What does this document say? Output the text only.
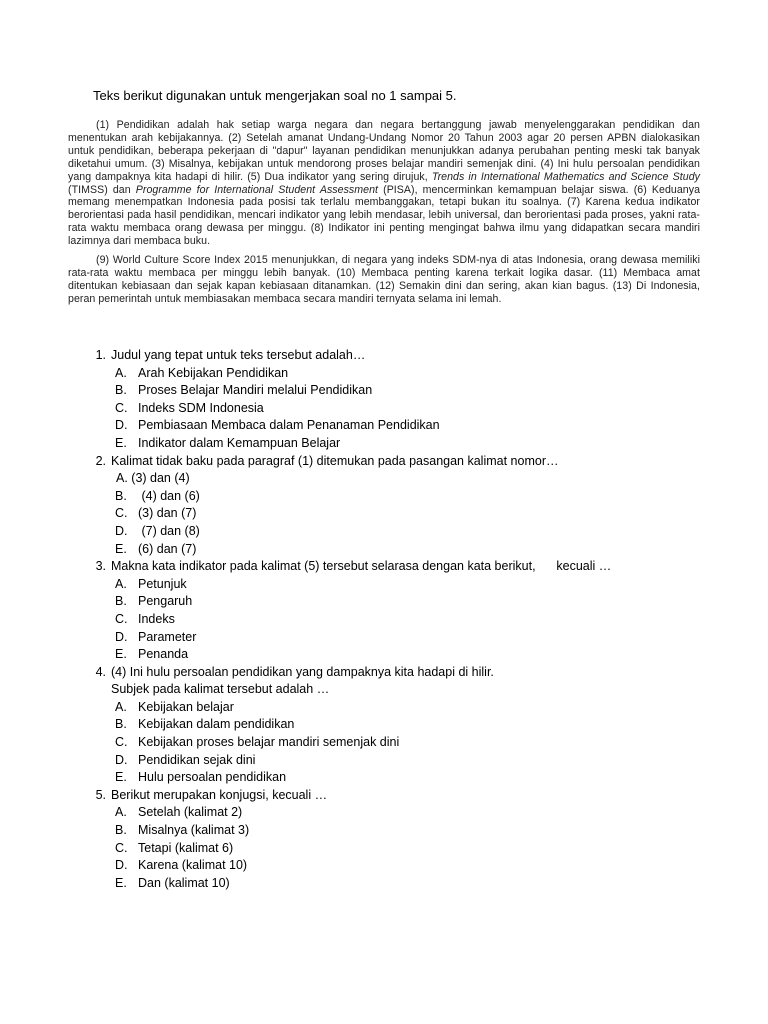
Teks berikut digunakan untuk mengerjakan soal no 1 sampai 5.

(1) Pendidikan adalah hak setiap warga negara dan negara bertanggung jawab menyelenggarakan pendidikan dan menentukan arah kebijakannya. (2) Setelah amanat Undang-Undang Nomor 20 Tahun 2003 agar 20 persen APBN dialokasikan untuk pendidikan, beberapa pekerjaan di "dapur" layanan pendidikan menunjukkan adanya perubahan penting meski tak banyak diketahui umum. (3) Misalnya, kebijakan untuk mendorong proses belajar mandiri semenjak dini. (4) Ini hulu persoalan pendidikan yang dampaknya kita hadapi di hilir. (5) Dua indikator yang sering dirujuk, Trends in International Mathematics and Science Study (TIMSS) dan Programme for International Student Assessment (PISA), mencerminkan kemampuan belajar siswa. (6) Keduanya memang menempatkan Indonesia pada posisi tak terlalu membanggakan, tetapi bukan itu soalnya. (7) Karena kedua indikator berorientasi pada hasil pendidikan, mencari indikator yang lebih mendasar, lebih universal, dan berorientasi pada proses, yakni rata-rata waktu membaca orang dewasa per minggu. (8) Indikator ini penting mengingat bahwa ilmu yang didapatkan secara mandiri lazimnya dari membaca buku.

(9) World Culture Score Index 2015 menunjukkan, di negara yang indeks SDM-nya di atas Indonesia, orang dewasa memiliki rata-rata waktu membaca per minggu lebih banyak. (10) Membaca penting karena terkait logika dasar. (11) Membaca amat ditentukan kebiasaan dan sejak kapan kebiasaan ditanamkan. (12) Semakin dini dan sering, akan kian bagus. (13) Di Indonesia, peran pemerintah untuk membiasakan membaca secara mandiri ternyata selama ini lemah.

1. Judul yang tepat untuk teks tersebut adalah…
A. Arah Kebijakan Pendidikan
B. Proses Belajar Mandiri melalui Pendidikan
C. Indeks SDM Indonesia
D. Pembiasaan Membaca dalam Penanaman Pendidikan
E. Indikator dalam Kemampuan Belajar
2. Kalimat tidak baku pada paragraf (1) ditemukan pada pasangan kalimat nomor…
A. (3) dan (4)
B. (4) dan (6)
C. (3) dan (7)
D. (7) dan (8)
E. (6) dan (7)
3. Makna kata indikator pada kalimat (5) tersebut selarasa dengan kata berikut,      kecuali …
A. Petunjuk
B. Pengaruh
C. Indeks
D. Parameter
E. Penanda
4. (4) Ini hulu persoalan pendidikan yang dampaknya kita hadapi di hilir.
Subjek pada kalimat tersebut adalah …
A. Kebijakan belajar
B. Kebijakan dalam pendidikan
C. Kebijakan proses belajar mandiri semenjak dini
D. Pendidikan sejak dini
E. Hulu persoalan pendidikan
5. Berikut merupakan konjugsi, kecuali …
A. Setelah (kalimat 2)
B. Misalnya (kalimat 3)
C. Tetapi (kalimat 6)
D. Karena (kalimat 10)
E. Dan (kalimat 10)
